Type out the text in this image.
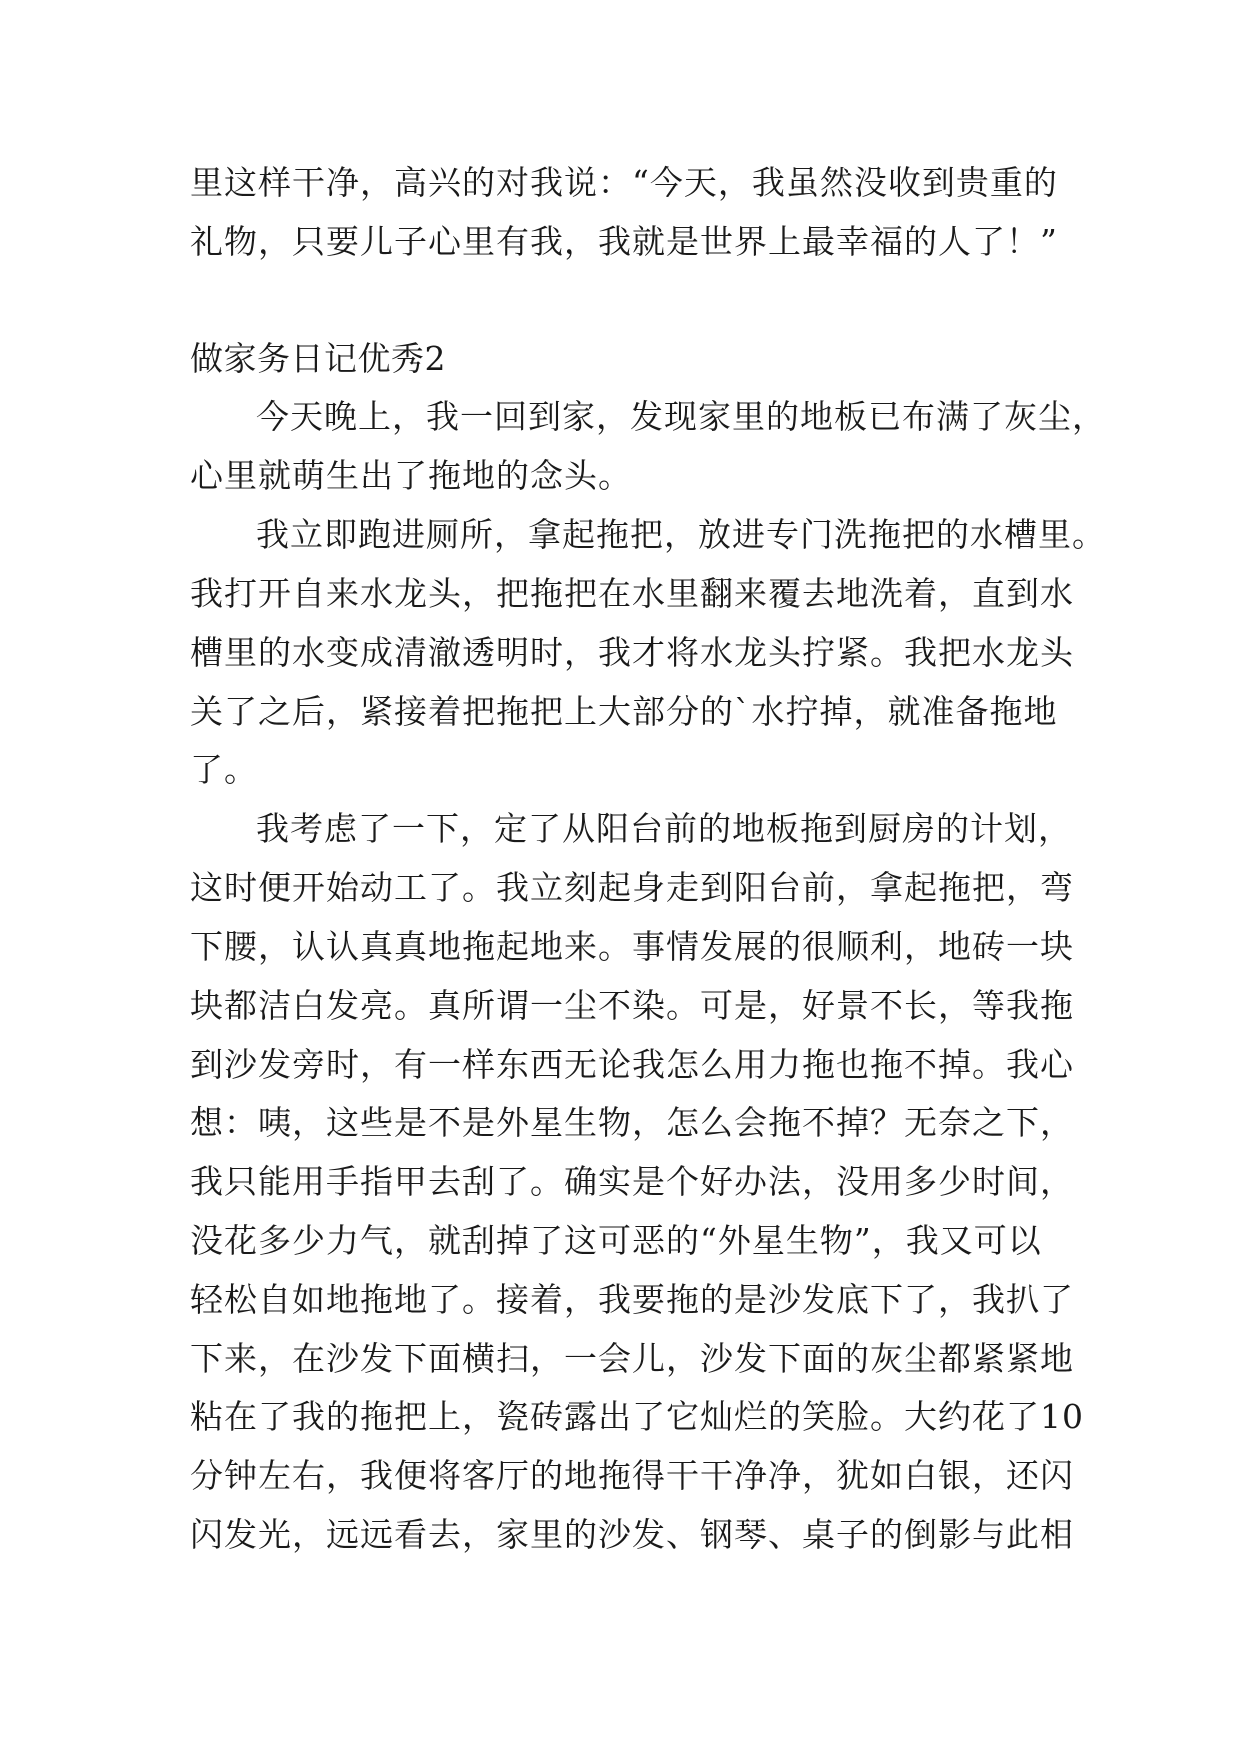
里这样干净，高兴的对我说：“今天，我虽然没收到贵重的
礼物，只要儿子心里有我，我就是世界上最幸福的人了！”
做家务日记优秀2
今天晚上，我一回到家，发现家里的地板已布满了灰尘，
心里就萌生出了拖地的念头。
我立即跑进厕所，拿起拖把，放进专门洗拖把的水槽里。
我打开自来水龙头，把拖把在水里翻来覆去地洗着，直到水
槽里的水变成清澈透明时，我才将水龙头拧紧。我把水龙头
关了之后，紧接着把拖把上大部分的`水拧掉，就准备拖地
了。
我考虑了一下，定了从阳台前的地板拖到厨房的计划，
这时便开始动工了。我立刻起身走到阳台前，拿起拖把，弯
下腰，认认真真地拖起地来。事情发展的很顺利，地砖一块
块都洁白发亮。真所谓一尘不染。可是，好景不长，等我拖
到沙发旁时，有一样东西无论我怎么用力拖也拖不掉。我心
想：咦，这些是不是外星生物，怎么会拖不掉？无奈之下，
我只能用手指甲去刮了。确实是个好办法，没用多少时间，
没花多少力气，就刮掉了这可恶的“外星生物”，我又可以
轻松自如地拖地了。接着，我要拖的是沙发底下了，我扒了
下来，在沙发下面横扫，一会儿，沙发下面的灰尘都紧紧地
粘在了我的拖把上，瓷砖露出了它灿烂的笑脸。大约花了10
分钟左右，我便将客厅的地拖得干干净净，犹如白银，还闪
闪发光，远远看去，家里的沙发、钢琴、桌子的倒影与此相
